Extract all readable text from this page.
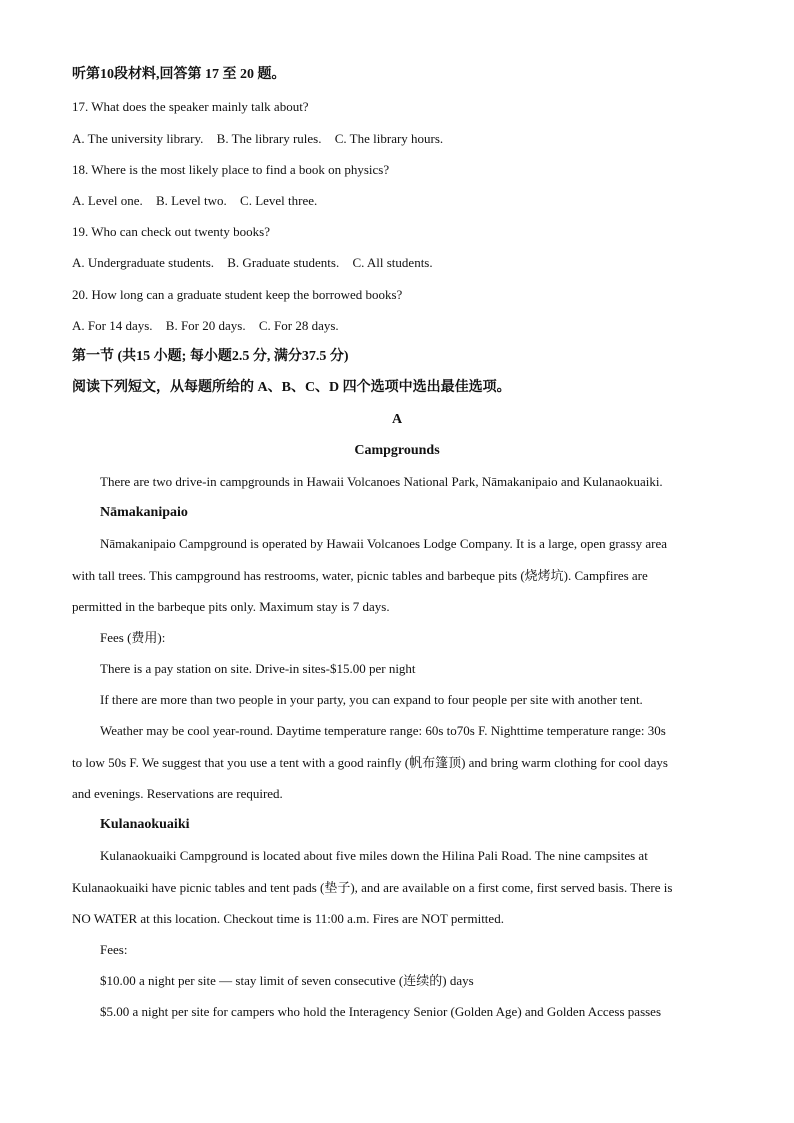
听第10段材料,回答第 17 至 20 题。
17. What does the speaker mainly talk about?
A. The university library. B. The library rules. C. The library hours.
18. Where is the most likely place to find a book on physics?
A. Level one. B. Level two. C. Level three.
19. Who can check out twenty books?
A. Undergraduate students. B. Graduate students. C. All students.
20. How long can a graduate student keep the borrowed books?
A. For 14 days. B. For 20 days. C. For 28 days.
第一节 (共15 小题; 每小题2.5 分, 满分37.5 分)
阅读下列短文，从每题所给的 A、B、C、D 四个选项中选出最佳选项。
A
Campgrounds
There are two drive-in campgrounds in Hawaii Volcanoes National Park, Nāmakanipaio and Kulanaokuaiki.
Nāmakanipaio
Nāmakanipaio Campground is operated by Hawaii Volcanoes Lodge Company. It is a large, open grassy area
with tall trees. This campground has restrooms, water, picnic tables and barbeque pits (烧烤坑). Campfires are
permitted in the barbeque pits only. Maximum stay is 7 days.
Fees (费用):
There is a pay station on site. Drive-in sites-$15.00 per night
If there are more than two people in your party, you can expand to four people per site with another tent.
Weather may be cool year-round. Daytime temperature range: 60s to70s F. Nighttime temperature range: 30s
to low 50s F. We suggest that you use a tent with a good rainfly (帆布篷顶) and bring warm clothing for cool days
and evenings. Reservations are required.
Kulanaokuaiki
Kulanaokuaiki Campground is located about five miles down the Hilina Pali Road. The nine campsites at
Kulanaokuaiki have picnic tables and tent pads (垫子), and are available on a first come, first served basis. There is
NO WATER at this location. Checkout time is 11:00 a.m. Fires are NOT permitted.
Fees:
$10.00 a night per site — stay limit of seven consecutive (连续的) days
$5.00 a night per site for campers who hold the Interagency Senior (Golden Age) and Golden Access passes
